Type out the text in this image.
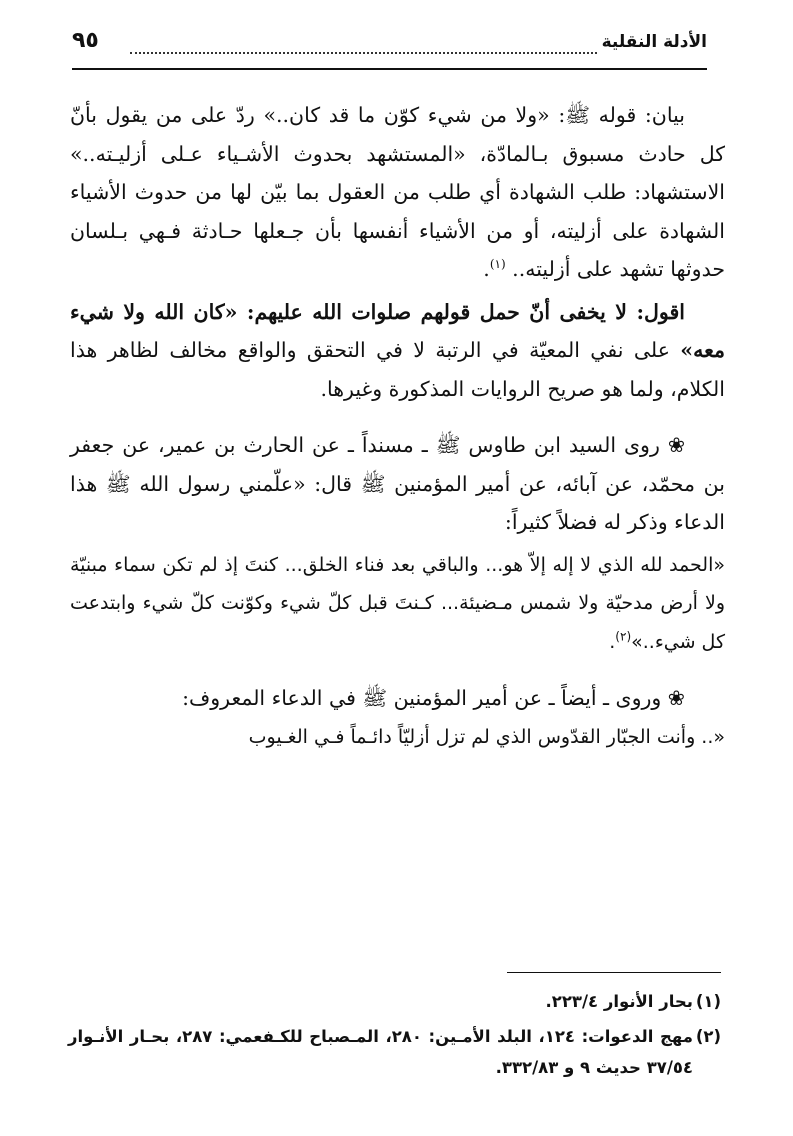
الأدلة النقلية
٩٥

بيان: قوله ﷺ: «ولا من شيء كوّن ما قد كان..» ردّ على من يقول بأنّ كل حادث مسبوق بـالمادّة، «المستشهد بحدوث الأشـياء عـلى أزليـته..» الاستشهاد: طلب الشهادة أي طلب من العقول بما بيّن لها من حدوث الأشياء الشهادة على أزليته، أو من الأشياء أنفسها بأن جـعلها حـادثة فـهي بـلسان حدوثها تشهد على أزليته.. $^{(١)}$.

اقول: لا يخفى أنّ حمل قولهم صلوات الله عليهم: «كان الله ولا شيء معه» على نفي المعيّة في الرتبة لا في التحقق والواقع مخالف لظاهر هذا الكلام، ولما هو صريح الروايات المذكورة وغيرها.

❀ روى السيد ابن طاوس ﷺ ـ مسنداً ـ عن الحارث بن عمير، عن جعفر بن محمّد، عن آبائه، عن أمير المؤمنين ﷺ قال: «علّمني رسول الله ﷺ هذا الدعاء وذكر له فضلاً كثيراً:

«الحمد لله الذي لا إله إلاّ هو... والباقي بعد فناء الخلق... كنتَ إذ لم تكن سماء مبنيّة ولا أرض مدحيّة ولا شمس مـضيئة... كـنتَ قبل كلّ شيء وكوّنت كلّ شيء وابتدعت كل شيء..»$^{(٢)}$.

❀ وروى ـ أيضاً ـ عن أمير المؤمنين ﷺ في الدعاء المعروف:

«.. وأنت الجبّار القدّوس الذي لم تزل أزليّاً دائـماً فـي الغـيوب

(١)
بحار الأنوار ٢٢٣/٤.

(٢)
مهج الدعوات: ١٢٤، البلد الأمـين: ٢٨٠، المـصباح للكـفعمي: ٢٨٧، بحـار الأنـوار ٣٧/٥٤ حديث ٩ و ٣٣٢/٨٣.
